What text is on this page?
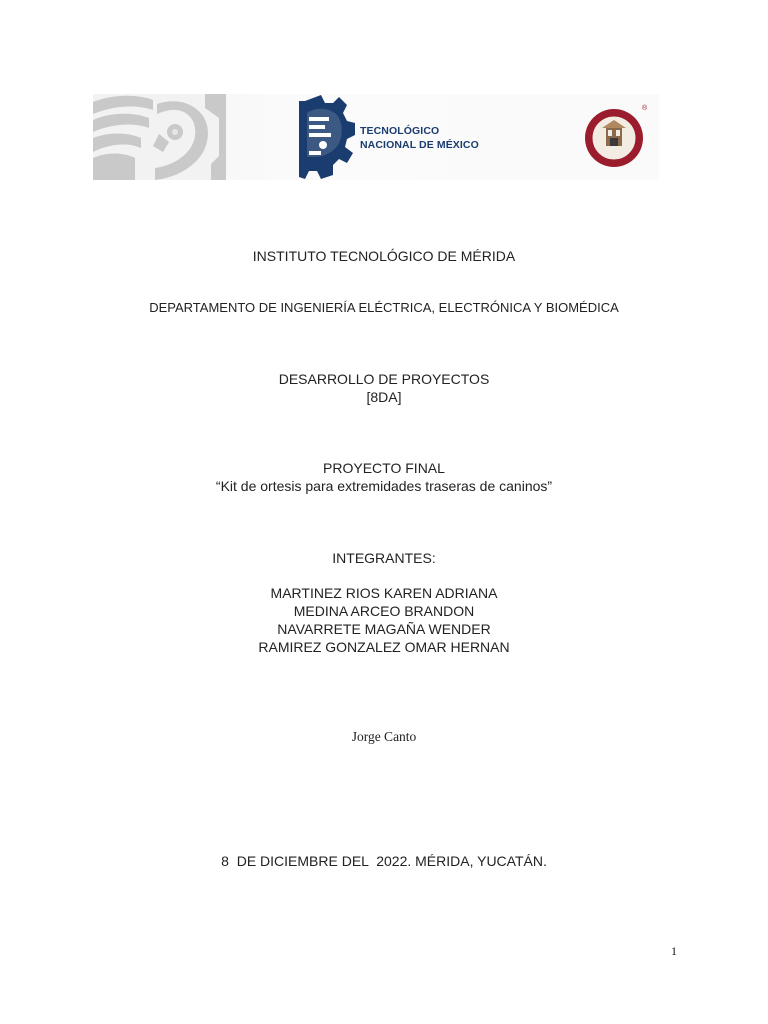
TECNOLÓGICO
NACIONAL DE MÉXICO
®
INSTITUTO TECNOLÓGICO DE MÉRIDA
DEPARTAMENTO DE INGENIERÍA ELÉCTRICA, ELECTRÓNICA Y BIOMÉDICA
DESARROLLO DE PROYECTOS
[8DA]
PROYECTO FINAL
“Kit de ortesis para extremidades traseras de caninos”
INTEGRANTES:
MARTINEZ RIOS KAREN ADRIANA
MEDINA ARCEO BRANDON
NAVARRETE MAGAÑA WENDER
RAMIREZ GONZALEZ OMAR HERNAN
Jorge Canto
8  DE DICIEMBRE DEL  2022. MÉRIDA, YUCATÁN.
1
